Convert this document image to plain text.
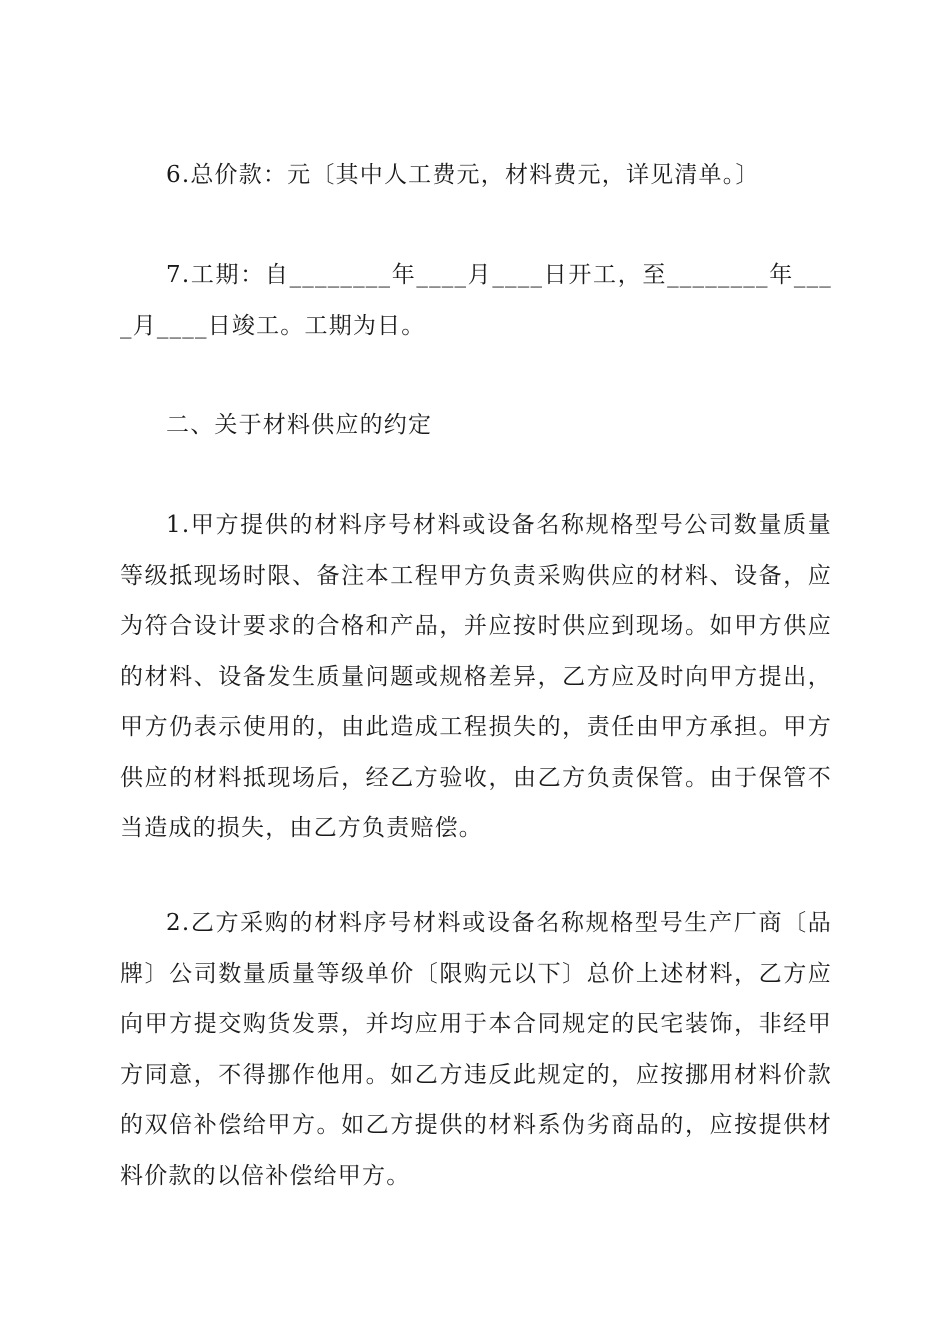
6.总价款：元〔其中人工费元，材料费元，详见清单。〕

7.工期：自________年____月____日开工，至________年____月____日竣工。工期为日。

二、关于材料供应的约定

1.甲方提供的材料序号材料或设备名称规格型号公司数量质量等级抵现场时限、备注本工程甲方负责采购供应的材料、设备，应为符合设计要求的合格和产品，并应按时供应到现场。如甲方供应的材料、设备发生质量问题或规格差异，乙方应及时向甲方提出，甲方仍表示使用的，由此造成工程损失的，责任由甲方承担。甲方供应的材料抵现场后，经乙方验收，由乙方负责保管。由于保管不当造成的损失，由乙方负责赔偿。

2.乙方采购的材料序号材料或设备名称规格型号生产厂商〔品牌〕公司数量质量等级单价〔限购元以下〕总价上述材料，乙方应向甲方提交购货发票，并均应用于本合同规定的民宅装饰，非经甲方同意，不得挪作他用。如乙方违反此规定的，应按挪用材料价款的双倍补偿给甲方。如乙方提供的材料系伪劣商品的，应按提供材料价款的以倍补偿给甲方。
